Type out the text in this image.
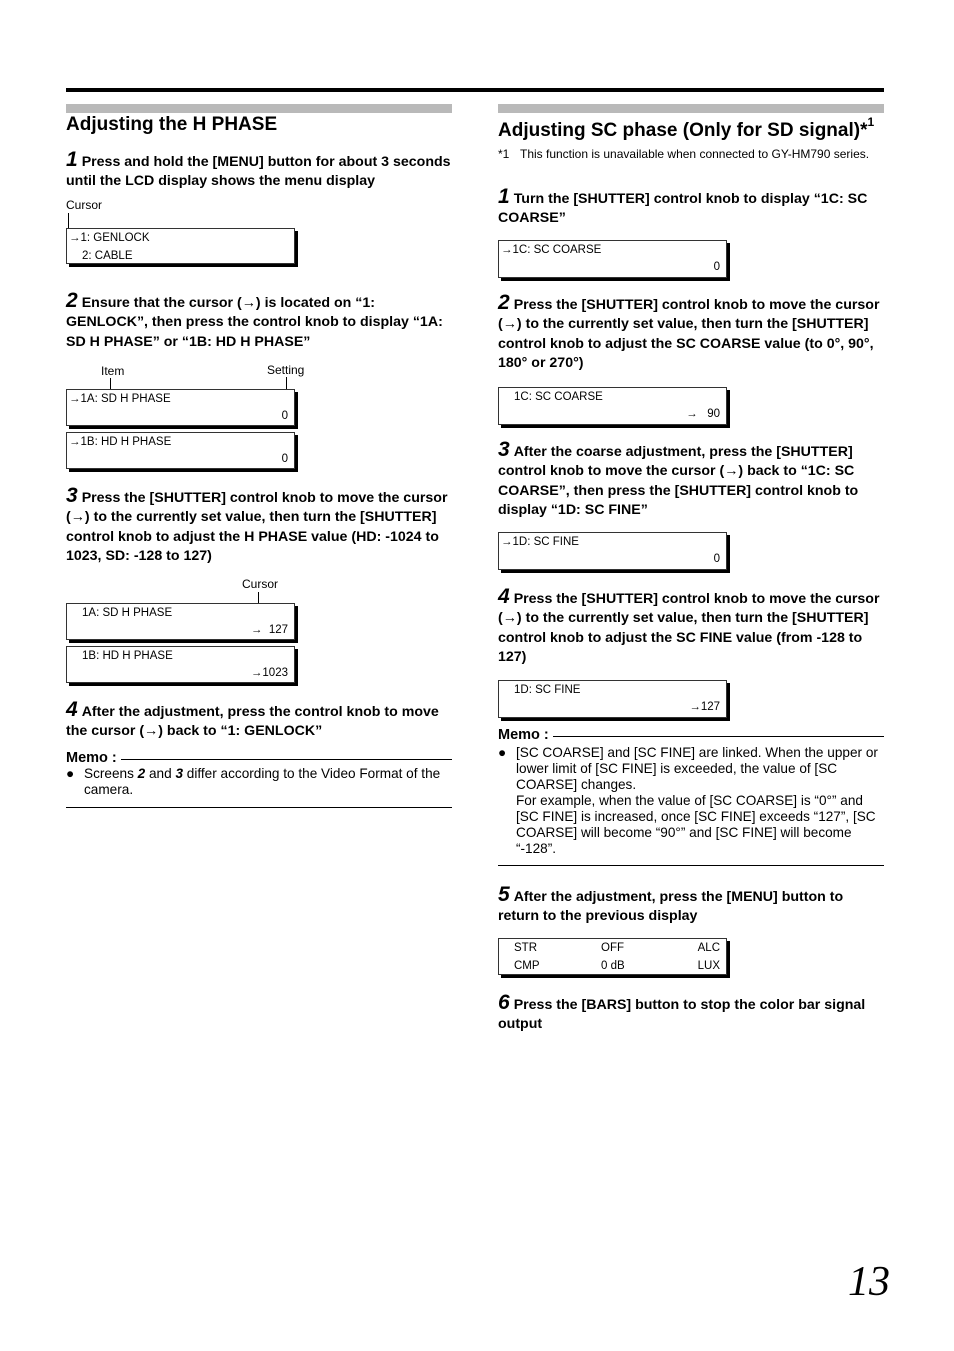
Adjusting the H PHASE
1 Press and hold the [MENU] button for about 3 seconds until the LCD display shows the menu display
Cursor
→1: GENLOCK
2: CABLE
2 Ensure that the cursor (→) is located on “1: GENLOCK”, then press the control knob to display “1A: SD H PHASE” or “1B: HD H PHASE”
Item	Setting
→1A: SD H PHASE
0
→1B: HD H PHASE
0
3 Press the [SHUTTER] control knob to move the cursor (→) to the currently set value, then turn the [SHUTTER] control knob to adjust the H PHASE value (HD: -1024 to 1023, SD: -128 to 127)
Cursor
1A: SD H PHASE
→  127
1B: HD H PHASE
→1023
4 After the adjustment, press the control knob to move the cursor (→) back to “1: GENLOCK”
Memo :
● Screens 2 and 3 differ according to the Video Format of the camera.
Adjusting SC phase (Only for SD signal)*$^1$
*1 This function is unavailable when connected to GY-HM790 series.
1 Turn the [SHUTTER] control knob to display “1C: SC COARSE”
→1C: SC COARSE
0
2 Press the [SHUTTER] control knob to move the cursor (→) to the currently set value, then turn the [SHUTTER] control knob to adjust the SC COARSE value (to 0°, 90°, 180° or 270°)
1C: SC COARSE
→   90
3 After the coarse adjustment, press the [SHUTTER] control knob to move the cursor (→) back to “1C: SC COARSE”, then press the [SHUTTER] control knob to display “1D: SC FINE”
→1D: SC FINE
0
4 Press the [SHUTTER] control knob to move the cursor (→) to the currently set value, then turn the [SHUTTER] control knob to adjust the SC FINE value (from -128 to 127)
1D: SC FINE
→127
Memo :
● [SC COARSE] and [SC FINE] are linked. When the upper or lower limit of [SC FINE] is exceeded, the value of [SC COARSE] changes.
For example, when the value of [SC COARSE] is “0°” and [SC FINE] is increased, once [SC FINE] exceeds “127”, [SC COARSE] will become “90°” and [SC FINE] will become “-128”.
5 After the adjustment, press the [MENU] button to return to the previous display
STR	OFF	ALC
CMP	0 dB	LUX
6 Press the [BARS] button to stop the color bar signal output
13
